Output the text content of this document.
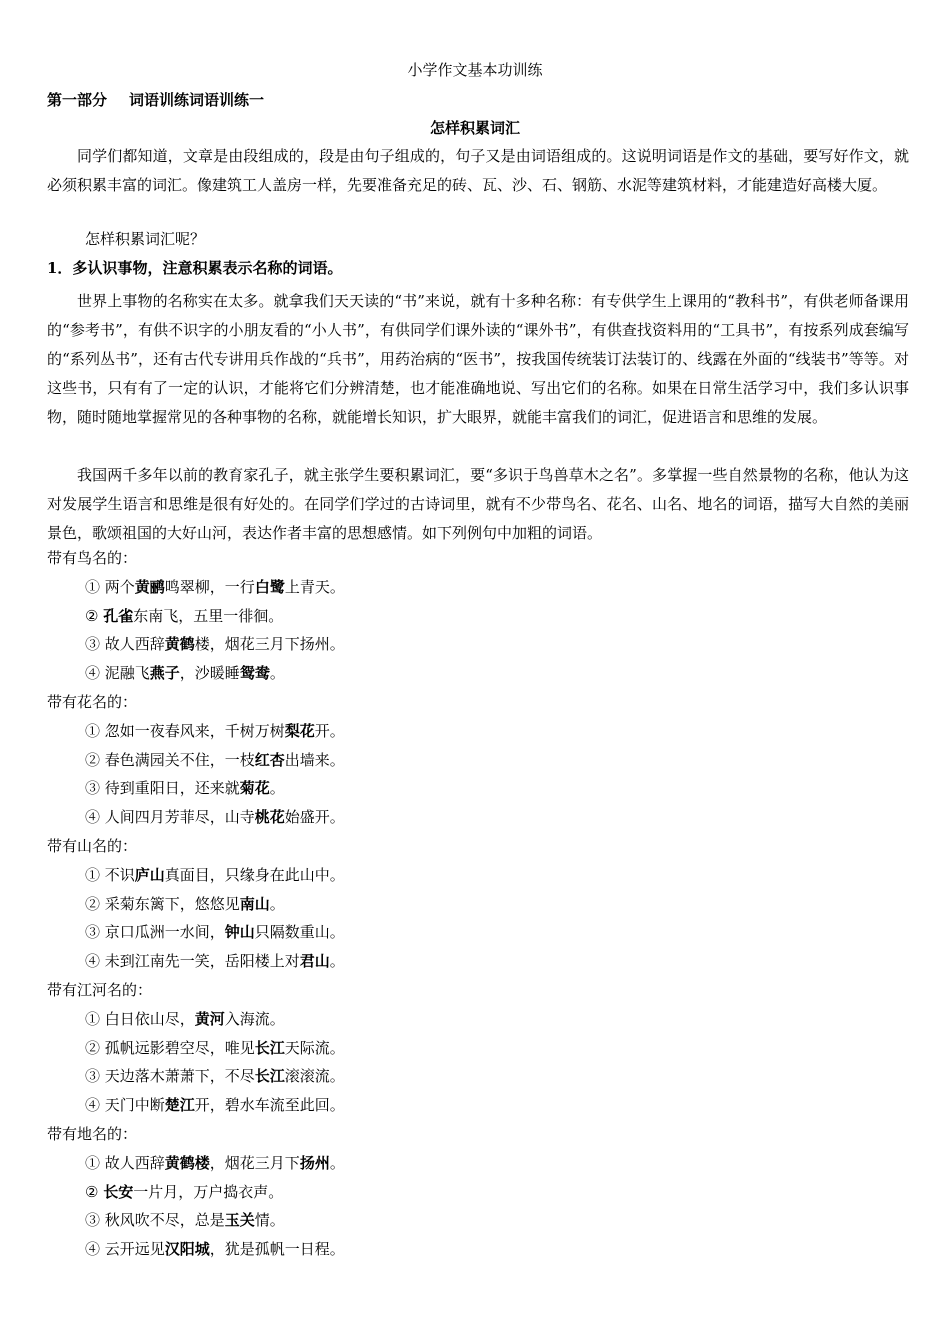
小学作文基本功训练
第一部分 词语训练词语训练一
怎样积累词汇
同学们都知道，文章是由段组成的，段是由句子组成的，句子又是由词语组成的。这说明词语是作文的基础，要写好作文，就必须积累丰富的词汇。像建筑工人盖房一样，先要准备充足的砖、瓦、沙、石、钢筋、水泥等建筑材料，才能建造好高楼大厦。
怎样积累词汇呢？
1．多认识事物，注意积累表示名称的词语。
世界上事物的名称实在太多。就拿我们天天读的“书”来说，就有十多种名称：有专供学生上课用的“教科书”，有供老师备课用的“参考书”，有供不识字的小朋友看的“小人书”，有供同学们课外读的“课外书”，有供查找资料用的“工具书”，有按系列成套编写的“系列丛书”，还有古代专讲用兵作战的“兵书”，用药治病的“医书”，按我国传统装订法装订的、线露在外面的“线装书”等等。对这些书，只有有了一定的认识，才能将它们分辨清楚，也才能准确地说、写出它们的名称。如果在日常生活学习中，我们多认识事物，随时随地掌握常见的各种事物的名称，就能增长知识，扩大眼界，就能丰富我们的词汇，促进语言和思维的发展。
我国两千多年以前的教育家孔子，就主张学生要积累词汇，要“多识于鸟兽草木之名”。多掌握一些自然景物的名称，他认为这对发展学生语言和思维是很有好处的。在同学们学过的古诗词里，就有不少带鸟名、花名、山名、地名的词语，描写大自然的美丽景色，歌颂祖国的大好山河，表达作者丰富的思想感情。如下列例句中加粗的词语。
带有鸟名的：
① 两个黄鹂鸣翠柳，一行白鹭上青天。
② 孔雀东南飞，五里一徘徊。
③ 故人西辞黄鹤楼，烟花三月下扬州。
④ 泥融飞燕子，沙暖睡鸳鸯。
带有花名的：
① 忽如一夜春风来，千树万树梨花开。
② 春色满园关不住，一枝红杏出墙来。
③ 待到重阳日，还来就菊花。
④ 人间四月芳菲尽，山寺桃花始盛开。
带有山名的：
① 不识庐山真面目，只缘身在此山中。
② 采菊东篱下，悠悠见南山。
③ 京口瓜洲一水间，钟山只隔数重山。
④ 未到江南先一笑，岳阳楼上对君山。
带有江河名的：
① 白日依山尽，黄河入海流。
② 孤帆远影碧空尽，唯见长江天际流。
③ 天边落木萧萧下，不尽长江滚滚流。
④ 天门中断楚江开，碧水车流至此回。
带有地名的：
① 故人西辞黄鹤楼，烟花三月下扬州。
② 长安一片月，万户捣衣声。
③ 秋风吹不尽，总是玉关情。
④ 云开远见汉阳城，犹是孤帆一日程。
